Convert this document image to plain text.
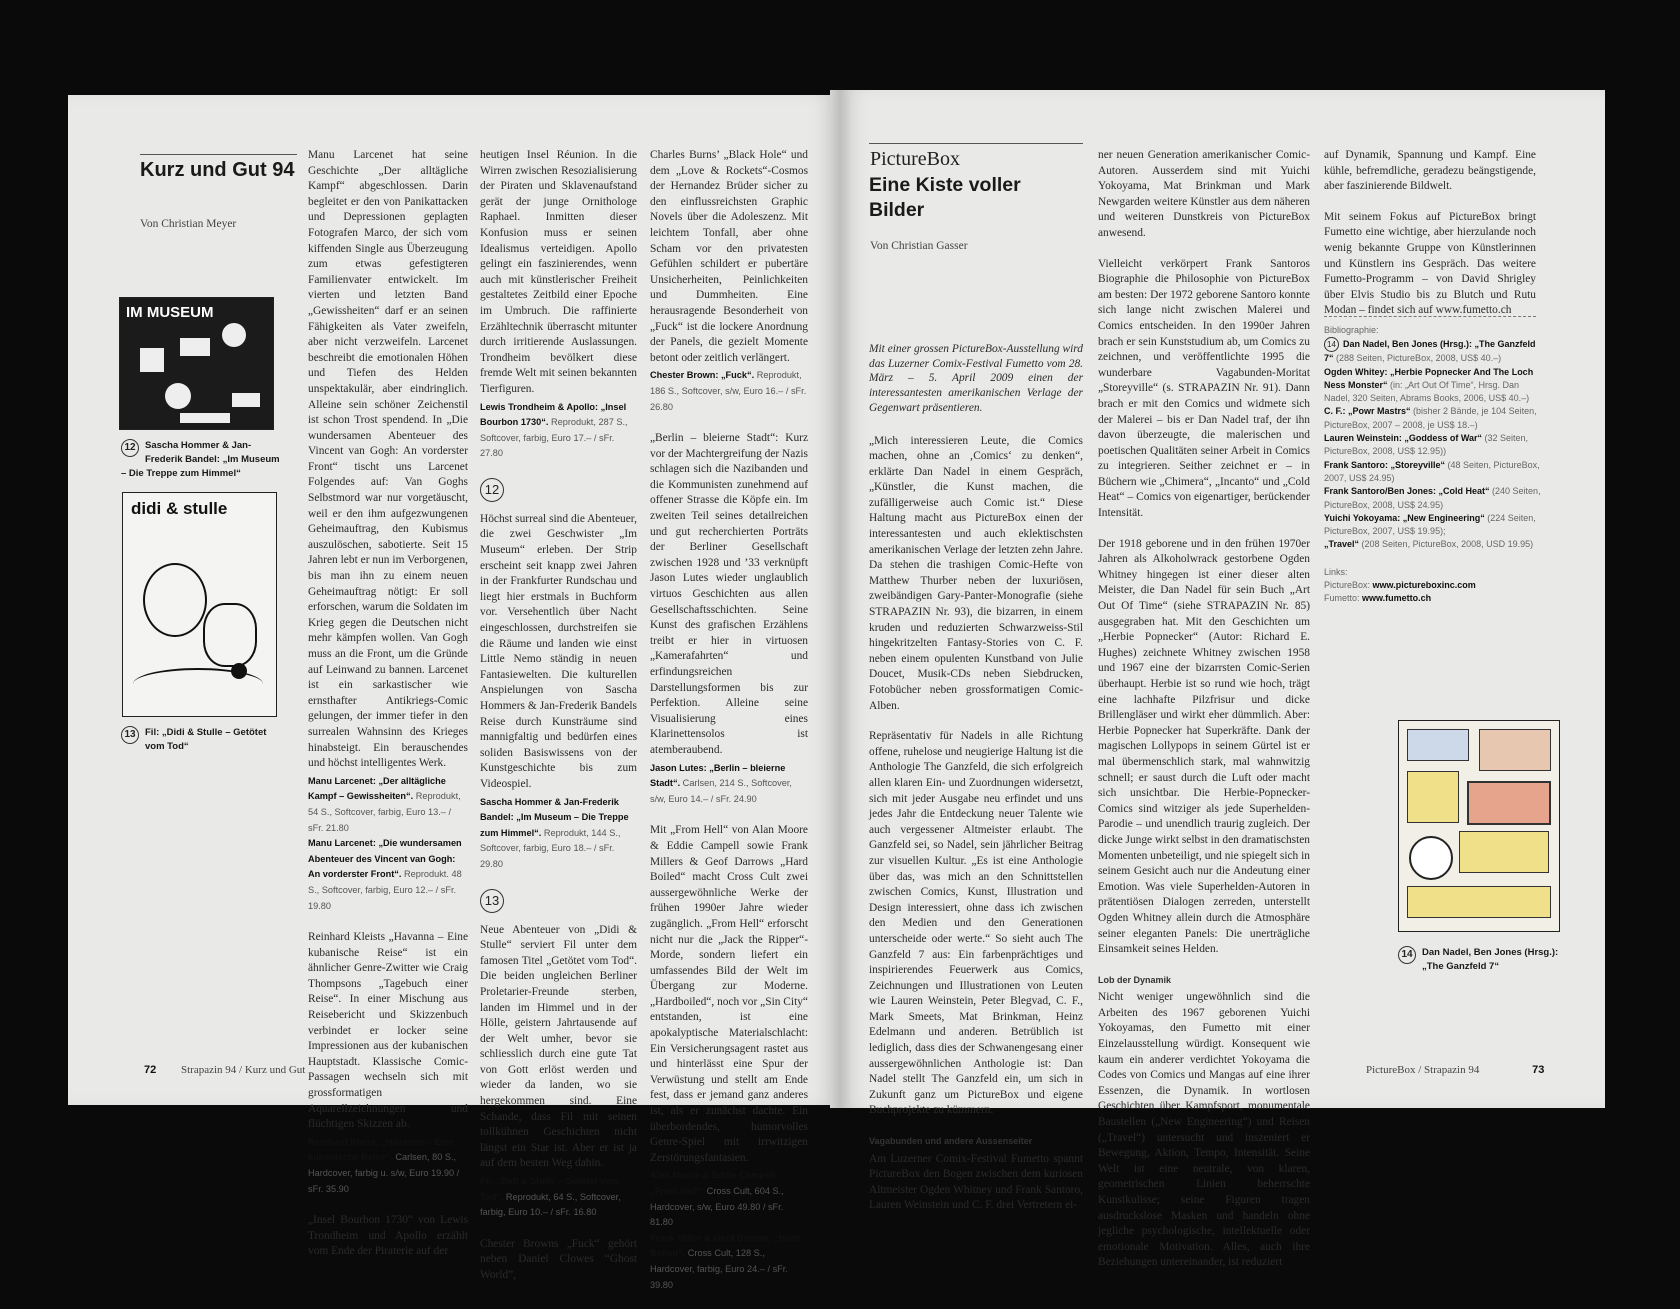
Kurz und Gut 94
Von Christian Meyer
IM MUSEUM
12 Sascha Hommer & Jan-Frederik Bandel: „Im Museum – Die Treppe zum Himmel“
didi & stulle
13 Fil: „Didi & Stulle – Getötet vom Tod“

Manu Larcenet hat seine Geschichte „Der alltägliche Kampf“ abgeschlossen. Darin begleitet er den von Panikattacken und Depressionen geplagten Fotografen Marco, der sich vom kiffenden Single aus Überzeugung zum etwas gefestigteren Familienvater entwickelt. Im vierten und letzten Band „Gewissheiten“ darf er an seinen Fähigkeiten als Vater zweifeln, aber nicht verzweifeln. Larcenet beschreibt die emotionalen Höhen und Tiefen des Helden unspektakulär, aber eindringlich. Alleine sein schöner Zeichenstil ist schon Trost spendend. In „Die wundersamen Abenteuer des Vincent van Gogh: An vorderster Front“ tischt uns Larcenet Folgendes auf: Van Goghs Selbstmord war nur vorgetäuscht, weil er den ihm aufgezwungenen Geheimauftrag, den Kubismus auszulöschen, sabotierte. Seit 15 Jahren lebt er nun im Verborgenen, bis man ihn zu einem neuen Geheimauftrag nötigt: Er soll erforschen, warum die Soldaten im Krieg gegen die Deutschen nicht mehr kämpfen wollen. Van Gogh muss an die Front, um die Gründe auf Leinwand zu bannen. Larcenet ist ein sarkastischer wie ernsthafter Antikriegs-Comic gelungen, der immer tiefer in den surrealen Wahnsinn des Krieges hinabsteigt. Ein berauschendes und höchst intelligentes Werk.

Manu Larcenet: „Der alltägliche Kampf – Gewissheiten“. Reprodukt, 54 S., Softcover, farbig, Euro 13.– / sFr. 21.80
Manu Larcenet: „Die wundersamen Abenteuer des Vincent van Gogh: An vorderster Front“. Reprodukt. 48 S., Softcover, farbig, Euro 12.– / sFr. 19.80

Reinhard Kleists „Havanna – Eine kubanische Reise“ ist ein ähnlicher Genre-Zwitter wie Craig Thompsons „Tagebuch einer Reise“. In einer Mischung aus Reisebericht und Skizzenbuch verbindet er locker seine Impressionen aus der kubanischen Hauptstadt. Klassische Comic-Passagen wechseln sich mit grossformatigen Aquarellzeichnungen und flüchtigen Skizzen ab.

Reinhard Kleist: „Havanna – Eine kubanische Reise“. Carlsen, 80 S., Hardcover, farbig u. s/w, Euro 19.90 / sFr. 35.90

„Insel Bourbon 1730“ von Lewis Trondheim und Apollo erzählt vom Ende der Piraterie auf der

heutigen Insel Réunion. In die Wirren zwischen Resozialisierung der Piraten und Sklavenaufstand gerät der junge Ornithologe Raphael. Inmitten dieser Konfusion muss er seinen Idealismus verteidigen. Apollo gelingt ein faszinierendes, wenn auch mit künstlerischer Freiheit gestaltetes Zeitbild einer Epoche im Umbruch. Die raffinierte Erzähltechnik überrascht mitunter durch irritierende Auslassungen. Trondheim bevölkert diese fremde Welt mit seinen bekannten Tierfiguren.

Lewis Trondheim & Apollo: „Insel Bourbon 1730“. Reprodukt, 287 S., Softcover, farbig, Euro 17.– / sFr. 27.80
12

Höchst surreal sind die Abenteuer, die zwei Geschwister „Im Museum“ erleben. Der Strip erscheint seit knapp zwei Jahren in der Frankfurter Rundschau und liegt hier erstmals in Buchform vor. Versehentlich über Nacht eingeschlossen, durchstreifen sie die Räume und landen wie einst Little Nemo ständig in neuen Fantasiewelten. Die kulturellen Anspielungen von Sascha Hommers & Jan-Frederik Bandels Reise durch Kunsträume sind mannigfaltig und bedürfen eines soliden Basiswissens von der Kunstgeschichte bis zum Videospiel.

Sascha Hommer & Jan-Frederik Bandel: „Im Museum – Die Treppe zum Himmel“. Reprodukt, 144 S., Softcover, farbig, Euro 18.– / sFr. 29.80
13

Neue Abenteuer von „Didi & Stulle“ serviert Fil unter dem famosen Titel „Getötet vom Tod“. Die beiden ungleichen Berliner Proletarier-Freunde sterben, landen im Himmel und in der Hölle, geistern Jahrtausende auf der Welt umher, bevor sie schliesslich durch eine gute Tat von Gott erlöst werden und wieder da landen, wo sie hergekommen sind. Eine Schande, dass Fil mit seinen tollkühnen Geschichten nicht längst ein Star ist. Aber er ist ja auf dem besten Weg dahin.

Fil: „Didi & Stulle – Getötet vom Tod“. Reprodukt, 64 S., Softcover, farbig, Euro 10.– / sFr. 16.80

Chester Browns „Fuck“ gehört neben Daniel Clowes “Ghost World”,

Charles Burns’ „Black Hole“ und dem „Love & Rockets“-Cosmos der Hernandez Brüder sicher zu den einflussreichsten Graphic Novels über die Adoleszenz. Mit leichtem Tonfall, aber ohne Scham vor den privatesten Gefühlen schildert er pubertäre Unsicherheiten, Peinlichkeiten und Dummheiten. Eine herausragende Besonderheit von „Fuck“ ist die lockere Anordnung der Panels, die gezielt Momente betont oder zeitlich verlängert.

Chester Brown: „Fuck“. Reprodukt, 186 S., Softcover, s/w, Euro 16.– / sFr. 26.80

„Berlin – bleierne Stadt“: Kurz vor der Machtergreifung der Nazis schlagen sich die Nazibanden und die Kommunisten zunehmend auf offener Strasse die Köpfe ein. Im zweiten Teil seines detailreichen und gut recherchierten Porträts der Berliner Gesellschaft zwischen 1928 und ’33 verknüpft Jason Lutes wieder unglaublich virtuos Geschichten aus allen Gesellschaftsschichten. Seine Kunst des grafischen Erzählens treibt er hier in virtuosen „Kamerafahrten“ und erfindungsreichen Darstellungsformen bis zur Perfektion. Alleine seine Visualisierung eines Klarinettensolos ist atemberaubend.

Jason Lutes: „Berlin – bleierne Stadt“. Carlsen, 214 S., Softcover, s/w, Euro 14.– / sFr. 24.90

Mit „From Hell“ von Alan Moore & Eddie Campell sowie Frank Millers & Geof Darrows „Hard Boiled“ macht Cross Cult zwei aussergewöhnliche Werke der frühen 1990er Jahre wieder zugänglich. „From Hell“ erforscht nicht nur die „Jack the Ripper“-Morde, sondern liefert ein umfassendes Bild der Welt im Übergang zur Moderne. „Hardboiled“, noch vor „Sin City“ entstanden, ist eine apokalyptische Materialschlacht: Ein Versicherungsagent rastet aus und hinterlässt eine Spur der Verwüstung und stellt am Ende fest, dass er jemand ganz anderes ist, als er zunächst dachte. Ein überbordendes, humorvolles Genre-Spiel mit irrwitzigen Zerstörungsfantasien.

Alan Moore & Eddie Campell: „From Hell“. Cross Cult, 604 S., Hardcover, s/w, Euro 49.80 / sFr. 81.80
Frank Miller & Geof Darrow: „Hard Boiled“. Cross Cult, 128 S., Hardcover, farbig, Euro 24.– / sFr. 39.80
72 Strapazin 94 / Kurz und Gut
PictureBox
Eine Kiste voller Bilder
Von Christian Gasser

Mit einer grossen PictureBox-Ausstellung wird das Luzerner Comix-Festival Fumetto vom 28. März – 5. April 2009 einen der interessantesten amerikanischen Verlage der Gegenwart präsentieren.

„Mich interessieren Leute, die Comics machen, ohne an ‚Comics‘ zu denken“, erklärte Dan Nadel in einem Gespräch, „Künstler, die Kunst machen, die zufälligerweise auch Comic ist.“ Diese Haltung macht aus PictureBox einen der interessantesten und auch eklektischsten amerikanischen Verlage der letzten zehn Jahre. Da stehen die trashigen Comic-Hefte von Matthew Thurber neben der luxuriösen, zweibändigen Gary-Panter-Monografie (siehe STRAPAZIN Nr. 93), die bizarren, in einem kruden und reduzierten Schwarzweiss-Stil hingekritzelten Fantasy-Stories von C. F. neben einem opulenten Kunstband von Julie Doucet, Musik-CDs neben Siebdrucken, Fotobücher neben grossformatigen Comic-Alben.

Repräsentativ für Nadels in alle Richtung offene, ruhelose und neugierige Haltung ist die Anthologie The Ganzfeld, die sich erfolgreich allen klaren Ein- und Zuordnungen widersetzt, sich mit jeder Ausgabe neu erfindet und uns jedes Jahr die Entdeckung neuer Talente wie auch vergessener Altmeister erlaubt. The Ganzfeld sei, so Nadel, sein jährlicher Beitrag zur visuellen Kultur. „Es ist eine Anthologie über das, was mich an den Schnittstellen zwischen Comics, Kunst, Illustration und Design interessiert, ohne dass ich zwischen den Medien und den Generationen unterscheide oder werte.“ So sieht auch The Ganzfeld 7 aus: Ein farbenprächtiges und inspirierendes Feuerwerk aus Comics, Zeichnungen und Illustrationen von Leuten wie Lauren Weinstein, Peter Blegvad, C. F., Mark Smeets, Mat Brinkman, Heinz Edelmann und anderen. Betrüblich ist lediglich, dass dies der Schwanengesang einer aussergewöhnlichen Anthologie ist: Dan Nadel stellt The Ganzfeld ein, um sich in Zukunft ganz um PictureBox und eigene Buchprojekte zu kümmern.

Vagabunden und andere Aussenseiter

Am Luzerner Comix-Festival Fumetto spannt PictureBox den Bogen zwischen dem kuriosen Altmeister Ogden Whitney und Frank Santoro, Lauren Weinstein und C. F. drei Vertretern ei-

ner neuen Generation amerikanischer Comic-Autoren. Ausserdem sind mit Yuichi Yokoyama, Mat Brinkman und Mark Newgarden weitere Künstler aus dem näheren und weiteren Dunstkreis von PictureBox anwesend.

Vielleicht verkörpert Frank Santoros Biographie die Philosophie von PictureBox am besten: Der 1972 geborene Santoro konnte sich lange nicht zwischen Malerei und Comics entscheiden. In den 1990er Jahren brach er sein Kunststudium ab, um Comics zu zeichnen, und veröffentlichte 1995 die wunderbare Vagabunden-Moritat „Storeyville“ (s. STRAPAZIN Nr. 91). Dann brach er mit den Comics und widmete sich der Malerei – bis er Dan Nadel traf, der ihn davon überzeugte, die malerischen und poetischen Qualitäten seiner Arbeit in Comics zu integrieren. Seither zeichnet er – in Büchern wie „Chimera“, „Incanto“ und „Cold Heat“ – Comics von eigenartiger, berückender Intensität.

Der 1918 geborene und in den frühen 1970er Jahren als Alkoholwrack gestorbene Ogden Whitney hingegen ist einer dieser alten Meister, die Dan Nadel für sein Buch „Art Out Of Time“ (siehe STRAPAZIN Nr. 85) ausgegraben hat. Mit den Geschichten um „Herbie Popnecker“ (Autor: Richard E. Hughes) zeichnete Whitney zwischen 1958 und 1967 eine der bizarrsten Comic-Serien überhaupt. Herbie ist so rund wie hoch, trägt eine lachhafte Pilzfrisur und dicke Brillengläser und wirkt eher dümmlich. Aber: Herbie Popnecker hat Superkräfte. Dank der magischen Lollypops in seinem Gürtel ist er mal übermenschlich stark, mal wahnwitzig schnell; er saust durch die Luft oder macht sich unsichtbar. Die Herbie-Popnecker-Comics sind witziger als jede Superhelden-Parodie – und unendlich traurig zugleich. Der dicke Junge wirkt selbst in den dramatischsten Momenten unbeteiligt, und nie spiegelt sich in seinem Gesicht auch nur die Andeutung einer Emotion. Was viele Superhelden-Autoren in prätentiösen Dialogen zerreden, unterstellt Ogden Whitney allein durch die Atmosphäre seiner eleganten Panels: Die unerträgliche Einsamkeit seines Helden.

Lob der Dynamik

Nicht weniger ungewöhnlich sind die Arbeiten des 1967 geborenen Yuichi Yokoyamas, den Fumetto mit einer Einzelausstellung würdigt. Konsequent wie kaum ein anderer verdichtet Yokoyama die Codes von Comics und Mangas auf eine ihrer Essenzen, die Dynamik. In wortlosen Geschichten über Kampfsport, monumentale Baustellen („New Engineering“) und Reisen („Travel“) untersucht und inszeniert er Bewegung, Aktion, Tempo, Intensität. Seine Welt ist eine neutrale, von klaren, geometrischen Linien beherrschte Kunstkulisse; seine Figuren tragen ausdruckslose Masken und handeln ohne jegliche psychologische, intellektuelle oder emotionale Motivation. Alles, auch ihre Beziehungen untereinander, ist reduziert

auf Dynamik, Spannung und Kampf. Eine kühle, befremdliche, geradezu beängstigende, aber faszinierende Bildwelt.

Mit seinem Fokus auf PictureBox bringt Fumetto eine wichtige, aber hierzulande noch wenig bekannte Gruppe von Künstlerinnen und Künstlern ins Gespräch. Das weitere Fumetto-Programm – von David Shrigley über Elvis Studio bis zu Blutch und Rutu Modan – findet sich auf www.fumetto.ch

Bibliographie:
14 Dan Nadel, Ben Jones (Hrsg.): „The Ganzfeld 7“ (288 Seiten, PictureBox, 2008, US$ 40.–)
Ogden Whitey: „Herbie Popnecker And The Loch Ness Monster“ (in: „Art Out Of Time“, Hrsg. Dan Nadel, 320 Seiten, Abrams Books, 2006, US$ 40.–)
C. F.: „Powr Mastrs“ (bisher 2 Bände, je 104 Seiten, PictureBox, 2007 – 2008, je US$ 18.–)
Lauren Weinstein: „Goddess of War“ (32 Seiten, PictureBox, 2008, US$ 12.95))
Frank Santoro: „Storeyville“ (48 Seiten, PictureBox, 2007, US$ 24.95)
Frank Santoro/Ben Jones: „Cold Heat“ (240 Seiten, PictureBox, 2008, US$ 24.95)
Yuichi Yokoyama: „New Engineering“ (224 Seiten, PictureBox, 2007, US$ 19.95);
„Travel“ (208 Seiten, PictureBox, 2008, USD 19.95)
Links:
PictureBox: www.pictureboxinc.com
Fumetto: www.fumetto.ch
14 Dan Nadel, Ben Jones (Hrsg.): „The Ganzfeld 7“
PictureBox / Strapazin 94	73
